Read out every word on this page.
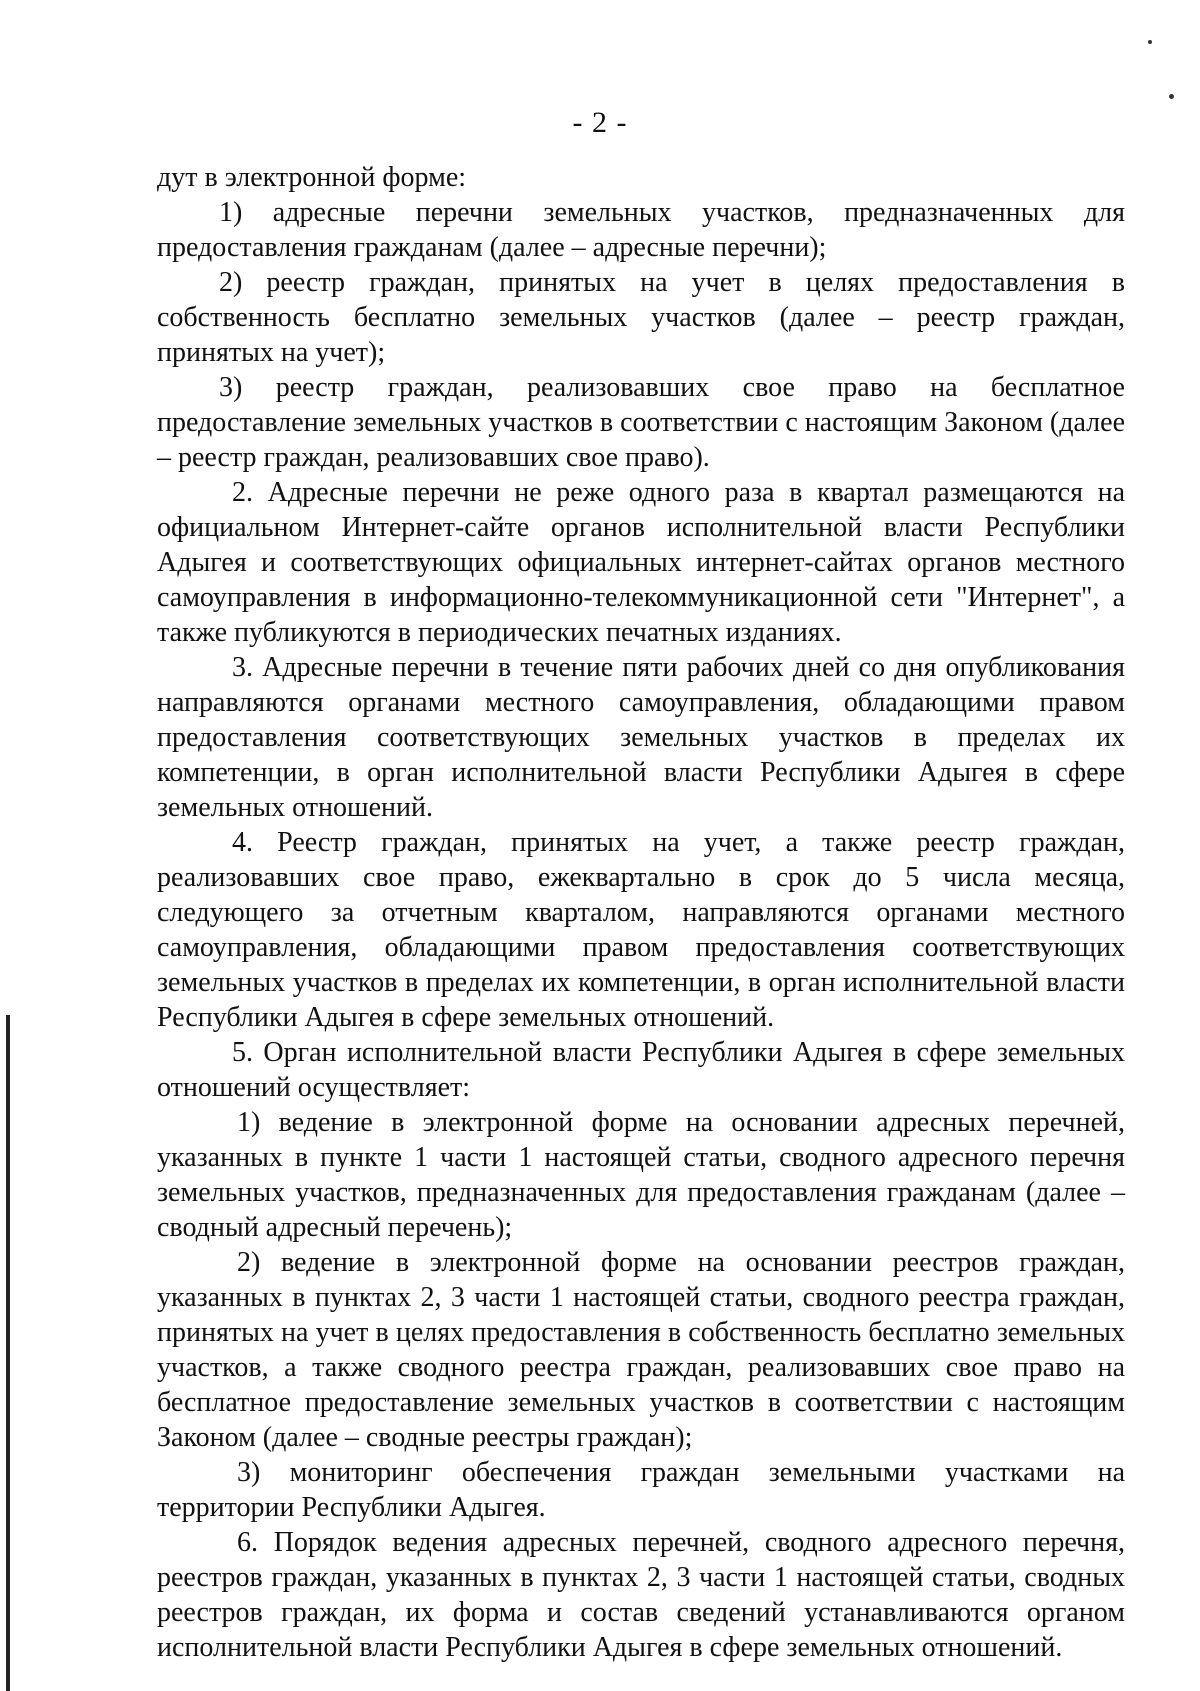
- 2 -

дут в электронной форме:

1) адресные перечни земельных участков, предназначенных для предоставления гражданам (далее – адресные перечни);

2) реестр граждан, принятых на учет в целях предоставления в собственность бесплатно земельных участков (далее – реестр граждан, принятых на учет);

3) реестр граждан, реализовавших свое право на бесплатное предоставление земельных участков в соответствии с настоящим Законом (далее – реестр граждан, реализовавших свое право).

2. Адресные перечни не реже одного раза в квартал размещаются на официальном Интернет-сайте органов исполнительной власти Республики Адыгея и соответствующих официальных интернет-сайтах органов местного самоуправления в информационно-телекоммуникационной сети "Интернет", а также публикуются в периодических печатных изданиях.

3. Адресные перечни в течение пяти рабочих дней со дня опубликования направляются органами местного самоуправления, обладающими правом предоставления соответствующих земельных участков в пределах их компетенции, в орган исполнительной власти Республики Адыгея в сфере земельных отношений.

4. Реестр граждан, принятых на учет, а также реестр граждан, реализовавших свое право, ежеквартально в срок до 5 числа месяца, следующего за отчетным кварталом, направляются органами местного самоуправления, обладающими правом предоставления соответствующих земельных участков в пределах их компетенции, в орган исполнительной власти Республики Адыгея в сфере земельных отношений.

5. Орган исполнительной власти Республики Адыгея в сфере земельных отношений осуществляет:

1) ведение в электронной форме на основании адресных перечней, указанных в пункте 1 части 1 настоящей статьи, сводного адресного перечня земельных участков, предназначенных для предоставления гражданам (далее – сводный адресный перечень);

2) ведение в электронной форме на основании реестров граждан, указанных в пунктах 2, 3 части 1 настоящей статьи, сводного реестра граждан, принятых на учет в целях предоставления в собственность бесплатно земельных участков, а также сводного реестра граждан, реализовавших свое право на бесплатное предоставление земельных участков в соответствии с настоящим Законом (далее – сводные реестры граждан);

3) мониторинг обеспечения граждан земельными участками на территории Республики Адыгея.

6. Порядок ведения адресных перечней, сводного адресного перечня, реестров граждан, указанных в пунктах 2, 3 части 1 настоящей статьи, сводных реестров граждан, их форма и состав сведений устанавливаются органом исполнительной власти Республики Адыгея в сфере земельных отношений.
